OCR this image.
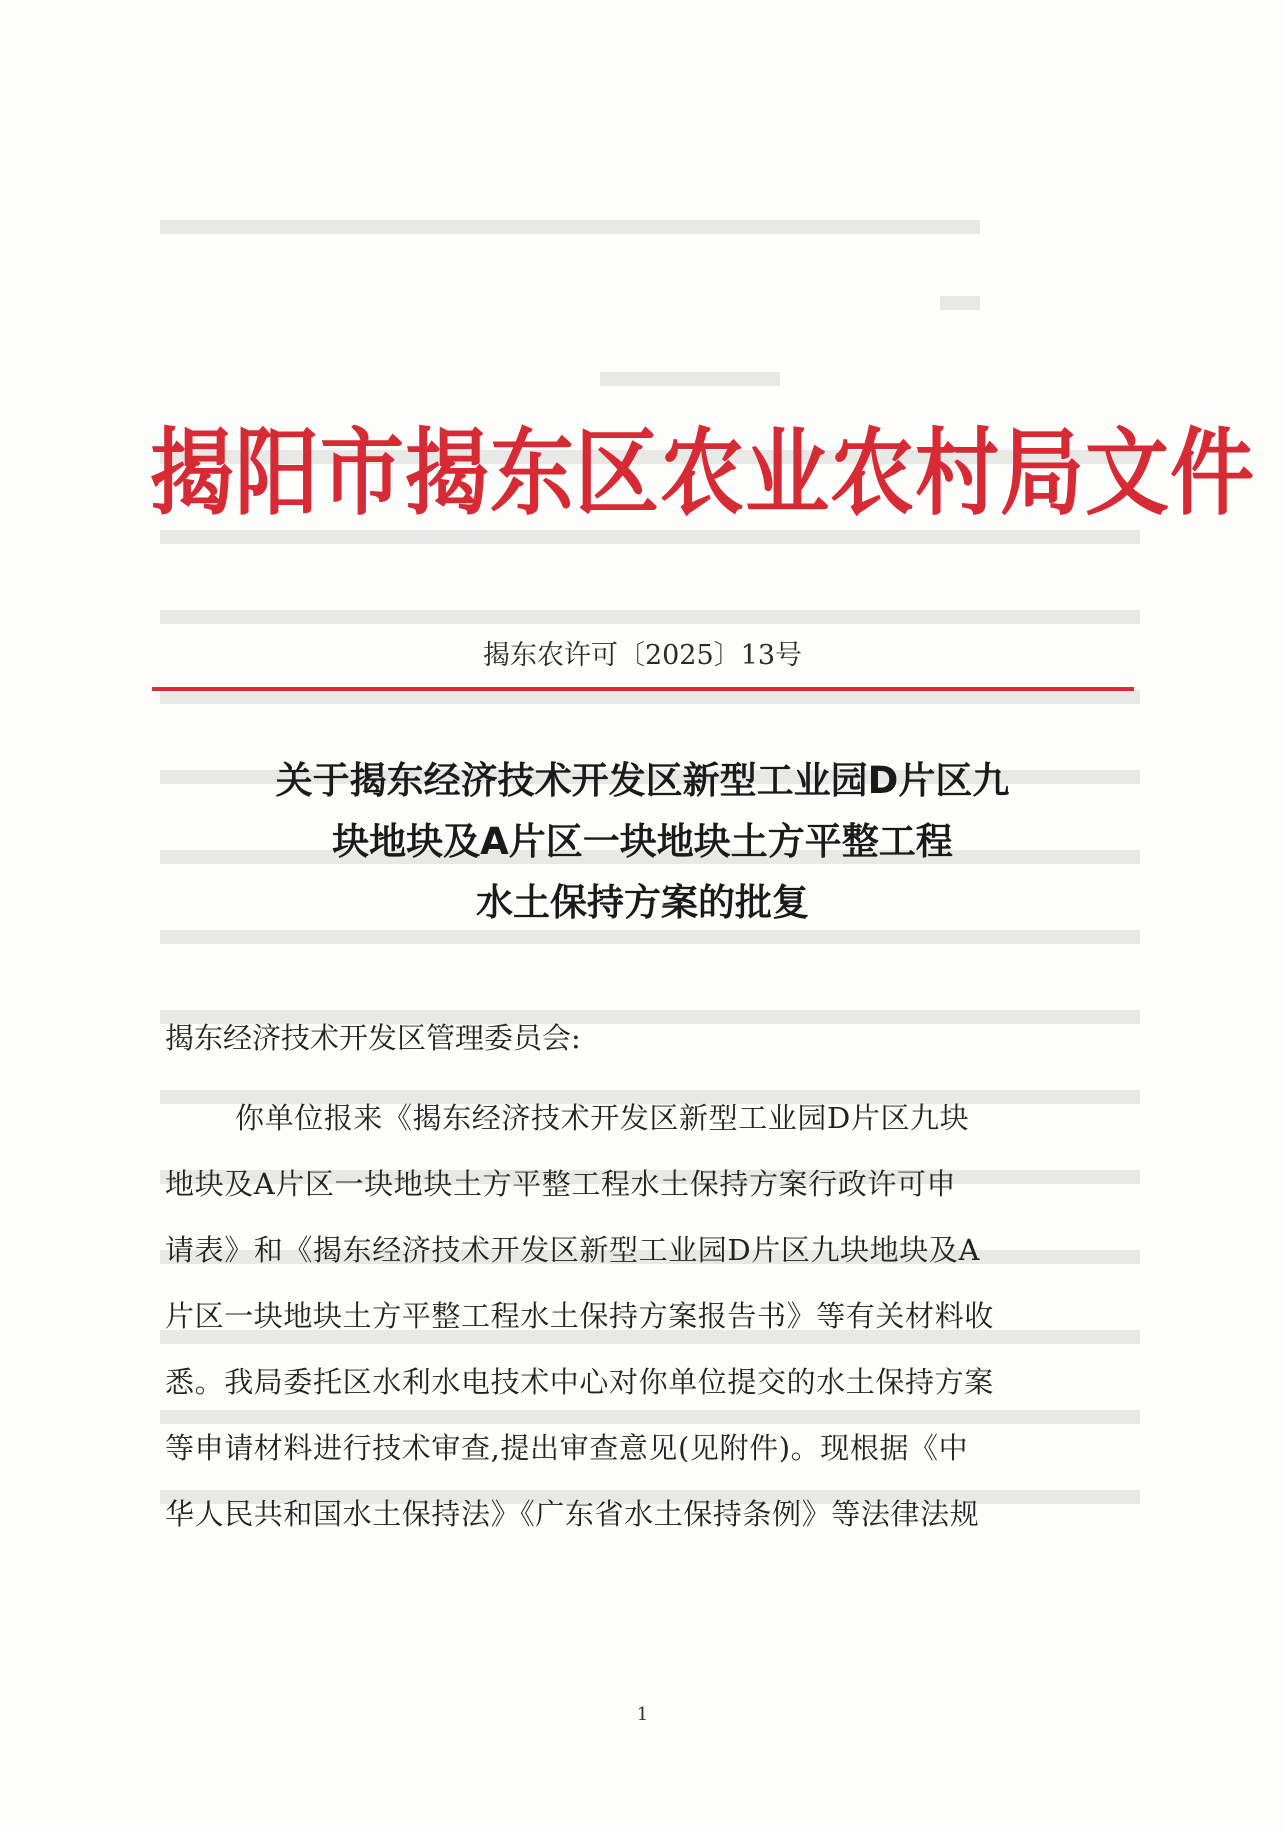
揭阳市揭东区农业农村局文件
揭东农许可〔2025〕13号
关于揭东经济技术开发区新型工业园D片区九
块地块及A片区一块地块土方平整工程
水土保持方案的批复
揭东经济技术开发区管理委员会:
你单位报来《揭东经济技术开发区新型工业园D片区九块
地块及A片区一块地块土方平整工程水土保持方案行政许可申
请表》和《揭东经济技术开发区新型工业园D片区九块地块及A
片区一块地块土方平整工程水土保持方案报告书》等有关材料收
悉。我局委托区水利水电技术中心对你单位提交的水土保持方案
等申请材料进行技术审查,提出审查意见(见附件)。现根据《中
华人民共和国水土保持法》《广东省水土保持条例》等法律法规
1
